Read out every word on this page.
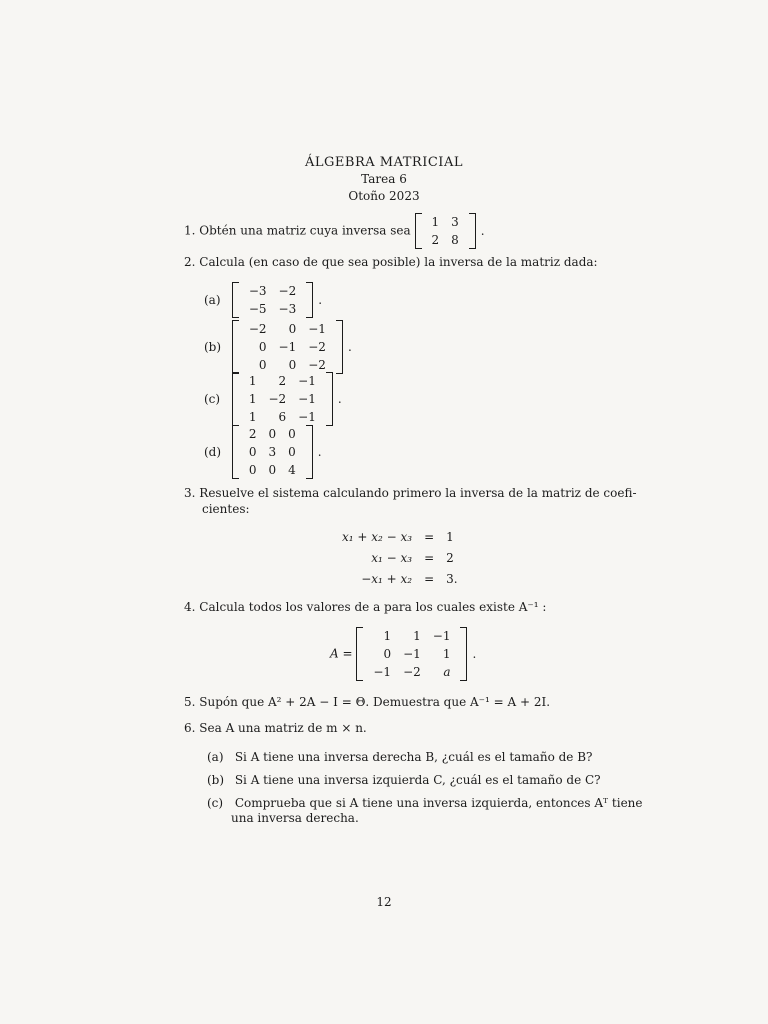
ÁLGEBRA MATRICIAL
Tarea 6
Otoño 2023
1. Obtén una matriz cuya inversa sea
1	3
2	8
.
2. Calcula (en caso de que sea posible) la inversa de la matriz dada:
(a)
−3	−2
−5	−3
.
(b)
−2	0	−1
0	−1	−2
0	0	−2
.
(c)
1	2	−1
1	−2	−1
1	6	−1
.
(d)
2	0	0
0	3	0
0	0	4
.
3. Resuelve el sistema calculando primero la inversa de la matriz de coefi-
cientes:
x₁ + x₂ − x₃	=	1
x₁ − x₃	=	2
−x₁ + x₂	=	3.
4. Calcula todos los valores de a para los cuales existe A⁻¹ :
A =
1	1	−1
0	−1	1
−1	−2	a
.
5. Supón que A² + 2A − I = Θ. Demuestra que A⁻¹ = A + 2I.
6. Sea A una matriz de m × n.
(a) Si A tiene una inversa derecha B, ¿cuál es el tamaño de B?
(b) Si A tiene una inversa izquierda C, ¿cuál es el tamaño de C?
(c) Comprueba que si A tiene una inversa izquierda, entonces Aᵀ tiene
una inversa derecha.
12
